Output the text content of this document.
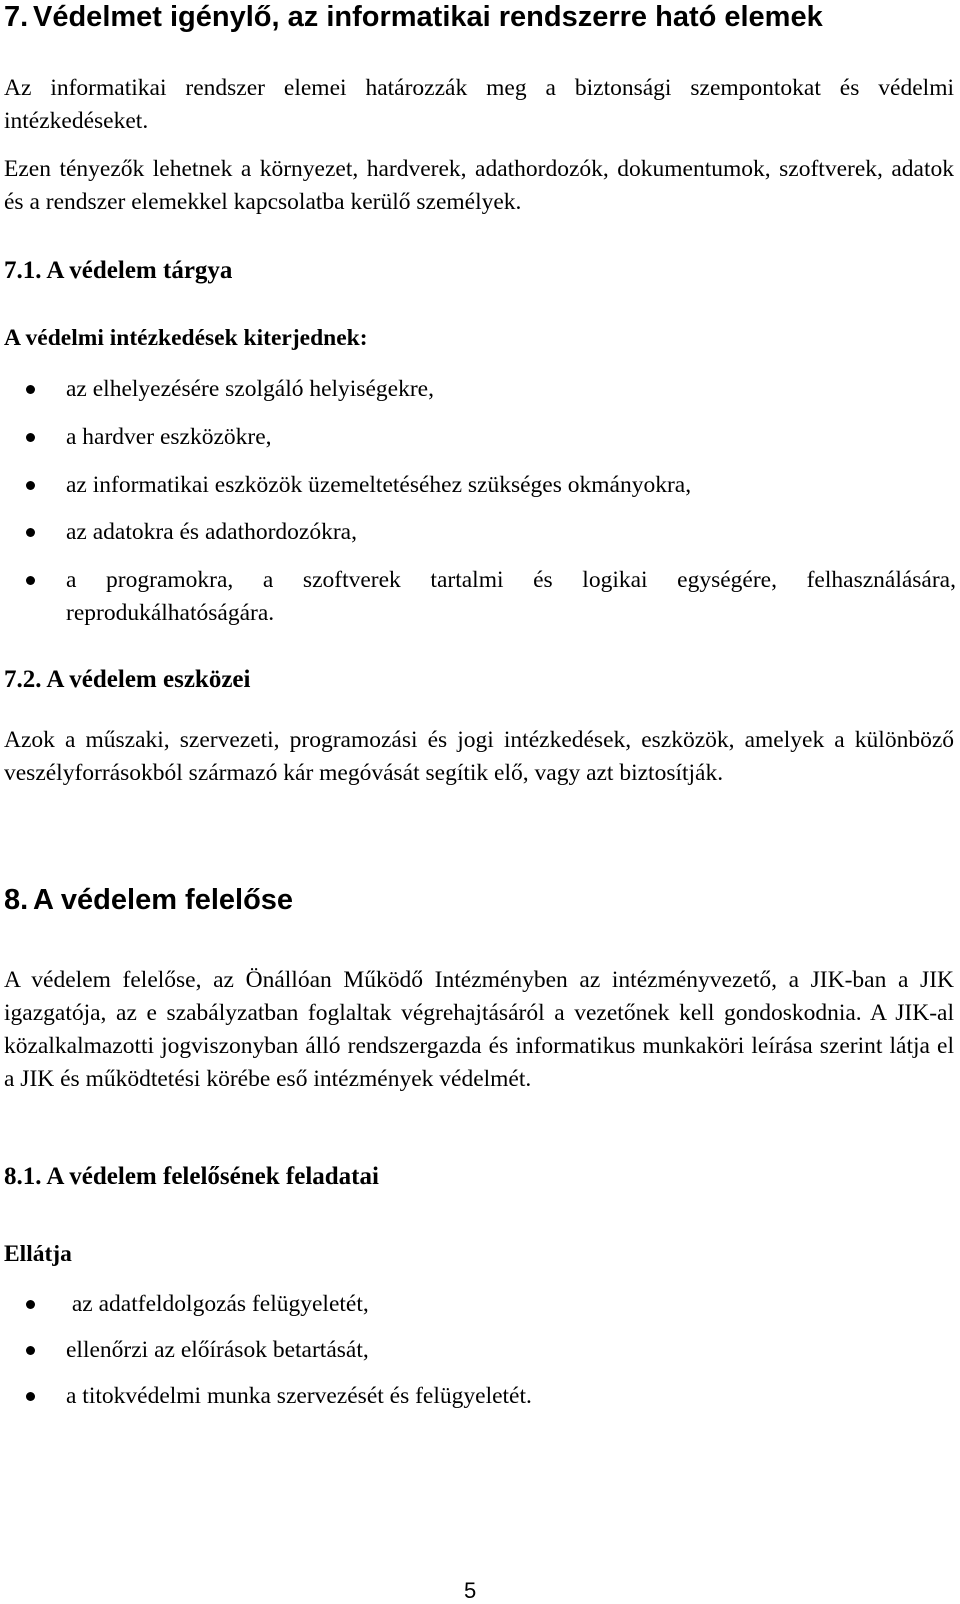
7. Védelmet igénylő, az informatikai rendszerre ható elemek

Az informatikai rendszer elemei határozzák meg a biztonsági szempontokat és védelmi intézkedéseket.

Ezen tényezők lehetnek a környezet, hardverek, adathordozók, dokumentumok, szoftverek, adatok és a rendszer elemekkel kapcsolatba kerülő személyek.

7.1. A védelem tárgya

A védelmi intézkedések kiterjednek:

az elhelyezésére szolgáló helyiségekre,
a hardver eszközökre,
az informatikai eszközök üzemeltetéséhez szükséges okmányokra,
az adatokra és adathordozókra,
a programokra, a szoftverek tartalmi és logikai egységére, felhasználására, reprodukálhatóságára.
7.2. A védelem eszközei

Azok a műszaki, szervezeti, programozási és jogi intézkedések, eszközök, amelyek a különböző veszélyforrásokból származó kár megóvását segítik elő, vagy azt biztosítják.

8. A védelem felelőse

A védelem felelőse, az Önállóan Működő Intézményben az intézményvezető, a JIK-ban a JIK igazgatója, az e szabályzatban foglaltak végrehajtásáról a vezetőnek kell gondoskodnia. A JIK-al közalkalmazotti jogviszonyban álló rendszergazda és informatikus munkaköri leírása szerint látja el a JIK és működtetési körébe eső intézmények védelmét.

8.1. A védelem felelősének feladatai

Ellátja

az adatfeldolgozás felügyeletét,
ellenőrzi az előírások betartását,
a titokvédelmi munka szervezését és felügyeletét.
5
